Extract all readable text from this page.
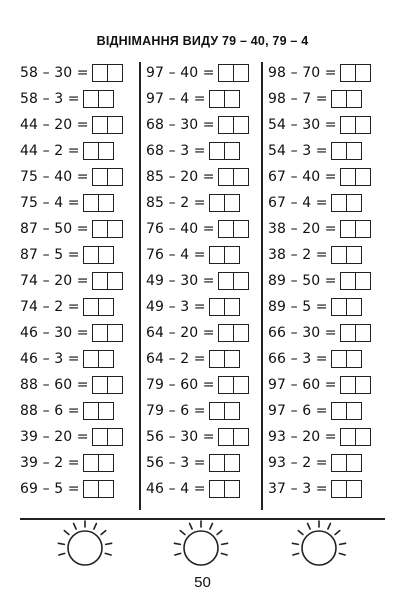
ВІДНІМАННЯ ВИДУ 79 – 40, 79 – 4
58 – 30 =
58 – 3 =
44 – 20 =
44 – 2 =
75 – 40 =
75 – 4 =
87 – 50 =
87 – 5 =
74 – 20 =
74 – 2 =
46 – 30 =
46 – 3 =
88 – 60 =
88 – 6 =
39 – 20 =
39 – 2 =
69 – 5 =
97 – 40 =
97 – 4 =
68 – 30 =
68 – 3 =
85 – 20 =
85 – 2 =
76 – 40 =
76 – 4 =
49 – 30 =
49 – 3 =
64 – 20 =
64 – 2 =
79 – 60 =
79 – 6 =
56 – 30 =
56 – 3 =
46 – 4 =
98 – 70 =
98 – 7 =
54 – 30 =
54 – 3 =
67 – 40 =
67 – 4 =
38 – 20 =
38 – 2 =
89 – 50 =
89 – 5 =
66 – 30 =
66 – 3 =
97 – 60 =
97 – 6 =
93 – 20 =
93 – 2 =
37 – 3 =
50
